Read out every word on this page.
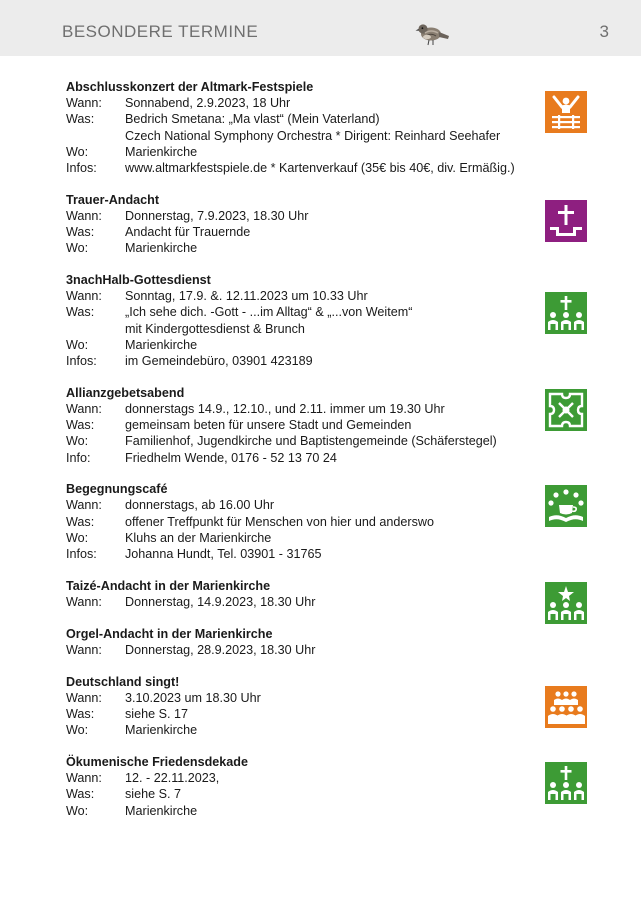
BESONDERE TERMINE	3
Abschlusskonzert der Altmark-Festspiele
Wann:	Sonnabend, 2.9.2023, 18 Uhr
Was:	Bedrich Smetana: „Ma vlast“ (Mein Vaterland)
Czech National Symphony Orchestra * Dirigent: Reinhard Seehafer
Wo:	Marienkirche
Infos:	www.altmarkfestspiele.de * Kartenverkauf (35€ bis 40€, div. Ermäßig.)
Trauer-Andacht
Wann:	Donnerstag, 7.9.2023, 18.30 Uhr
Was:	Andacht für Trauernde
Wo:	Marienkirche
3nachHalb-Gottesdienst
Wann:	Sonntag, 17.9. &. 12.11.2023 um 10.33 Uhr
Was:	„Ich sehe dich. -Gott - ...im Alltag“ & „...von Weitem“
mit Kindergottesdienst & Brunch
Wo:	Marienkirche
Infos:	im Gemeindebüro, 03901 423189
Allianzgebetsabend
Wann:	donnerstags 14.9., 12.10., und 2.11. immer um 19.30 Uhr
Was:	gemeinsam beten für unsere Stadt und Gemeinden
Wo:	Familienhof, Jugendkirche und Baptistengemeinde (Schäferstegel)
Info:	Friedhelm Wende, 0176 - 52 13 70 24
Begegnungscafé
Wann:	donnerstags, ab 16.00 Uhr
Was:	offener Treffpunkt für Menschen von hier und anderswo
Wo:	Kluhs an der Marienkirche
Infos:	Johanna Hundt, Tel. 03901 - 31765
Taizé-Andacht in der Marienkirche
Wann:	Donnerstag, 14.9.2023, 18.30 Uhr
Orgel-Andacht in der Marienkirche
Wann:	Donnerstag, 28.9.2023, 18.30 Uhr
Deutschland singt!
Wann:	3.10.2023 um 18.30 Uhr
Was:	siehe S. 17
Wo:	Marienkirche
Ökumenische Friedensdekade
Wann:	12. - 22.11.2023,
Was:	siehe S. 7
Wo:	Marienkirche
